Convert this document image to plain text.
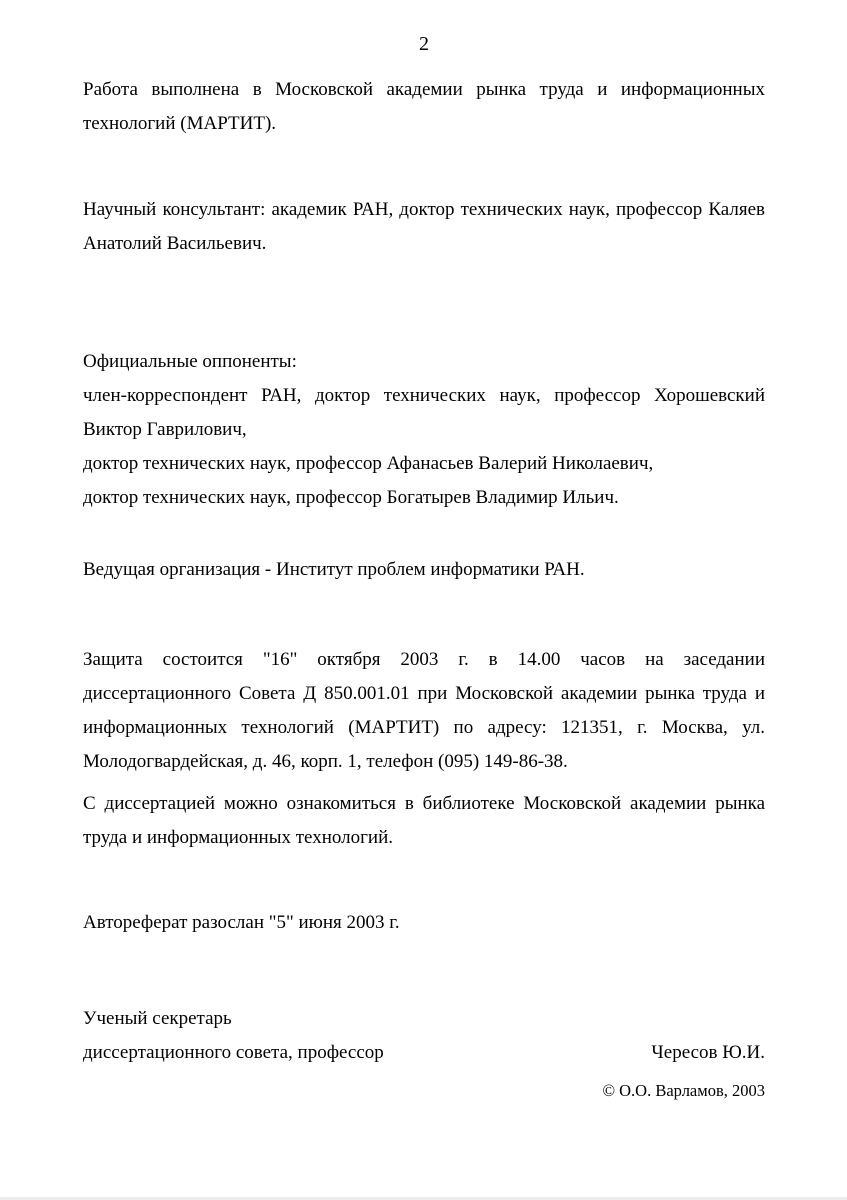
2

Работа выполнена в Московской академии рынка труда и информационных технологий (МАРТИТ).

Научный консультант: академик РАН, доктор технических наук, профессор Каляев Анатолий Васильевич.

Официальные оппоненты:

член-корреспондент РАН, доктор технических наук, профессор Хорошевский Виктор Гаврилович,

доктор технических наук, профессор Афанасьев Валерий Николаевич,

доктор технических наук, профессор Богатырев Владимир Ильич.

Ведущая организация - Институт проблем информатики РАН.

Защита состоится "16" октября 2003 г. в 14.00 часов на заседании диссертационного Совета Д 850.001.01 при Московской академии рынка труда и информационных технологий (МАРТИТ) по адресу: 121351, г. Москва, ул. Молодогвардейская, д. 46, корп. 1, телефон (095) 149-86-38.

С диссертацией можно ознакомиться в библиотеке Московской академии рынка труда и информационных технологий.

Автореферат разослан "5" июня 2003 г.

Ученый секретарь

диссертационного совета, профессор	Чересов Ю.И.
© О.О. Варламов, 2003
